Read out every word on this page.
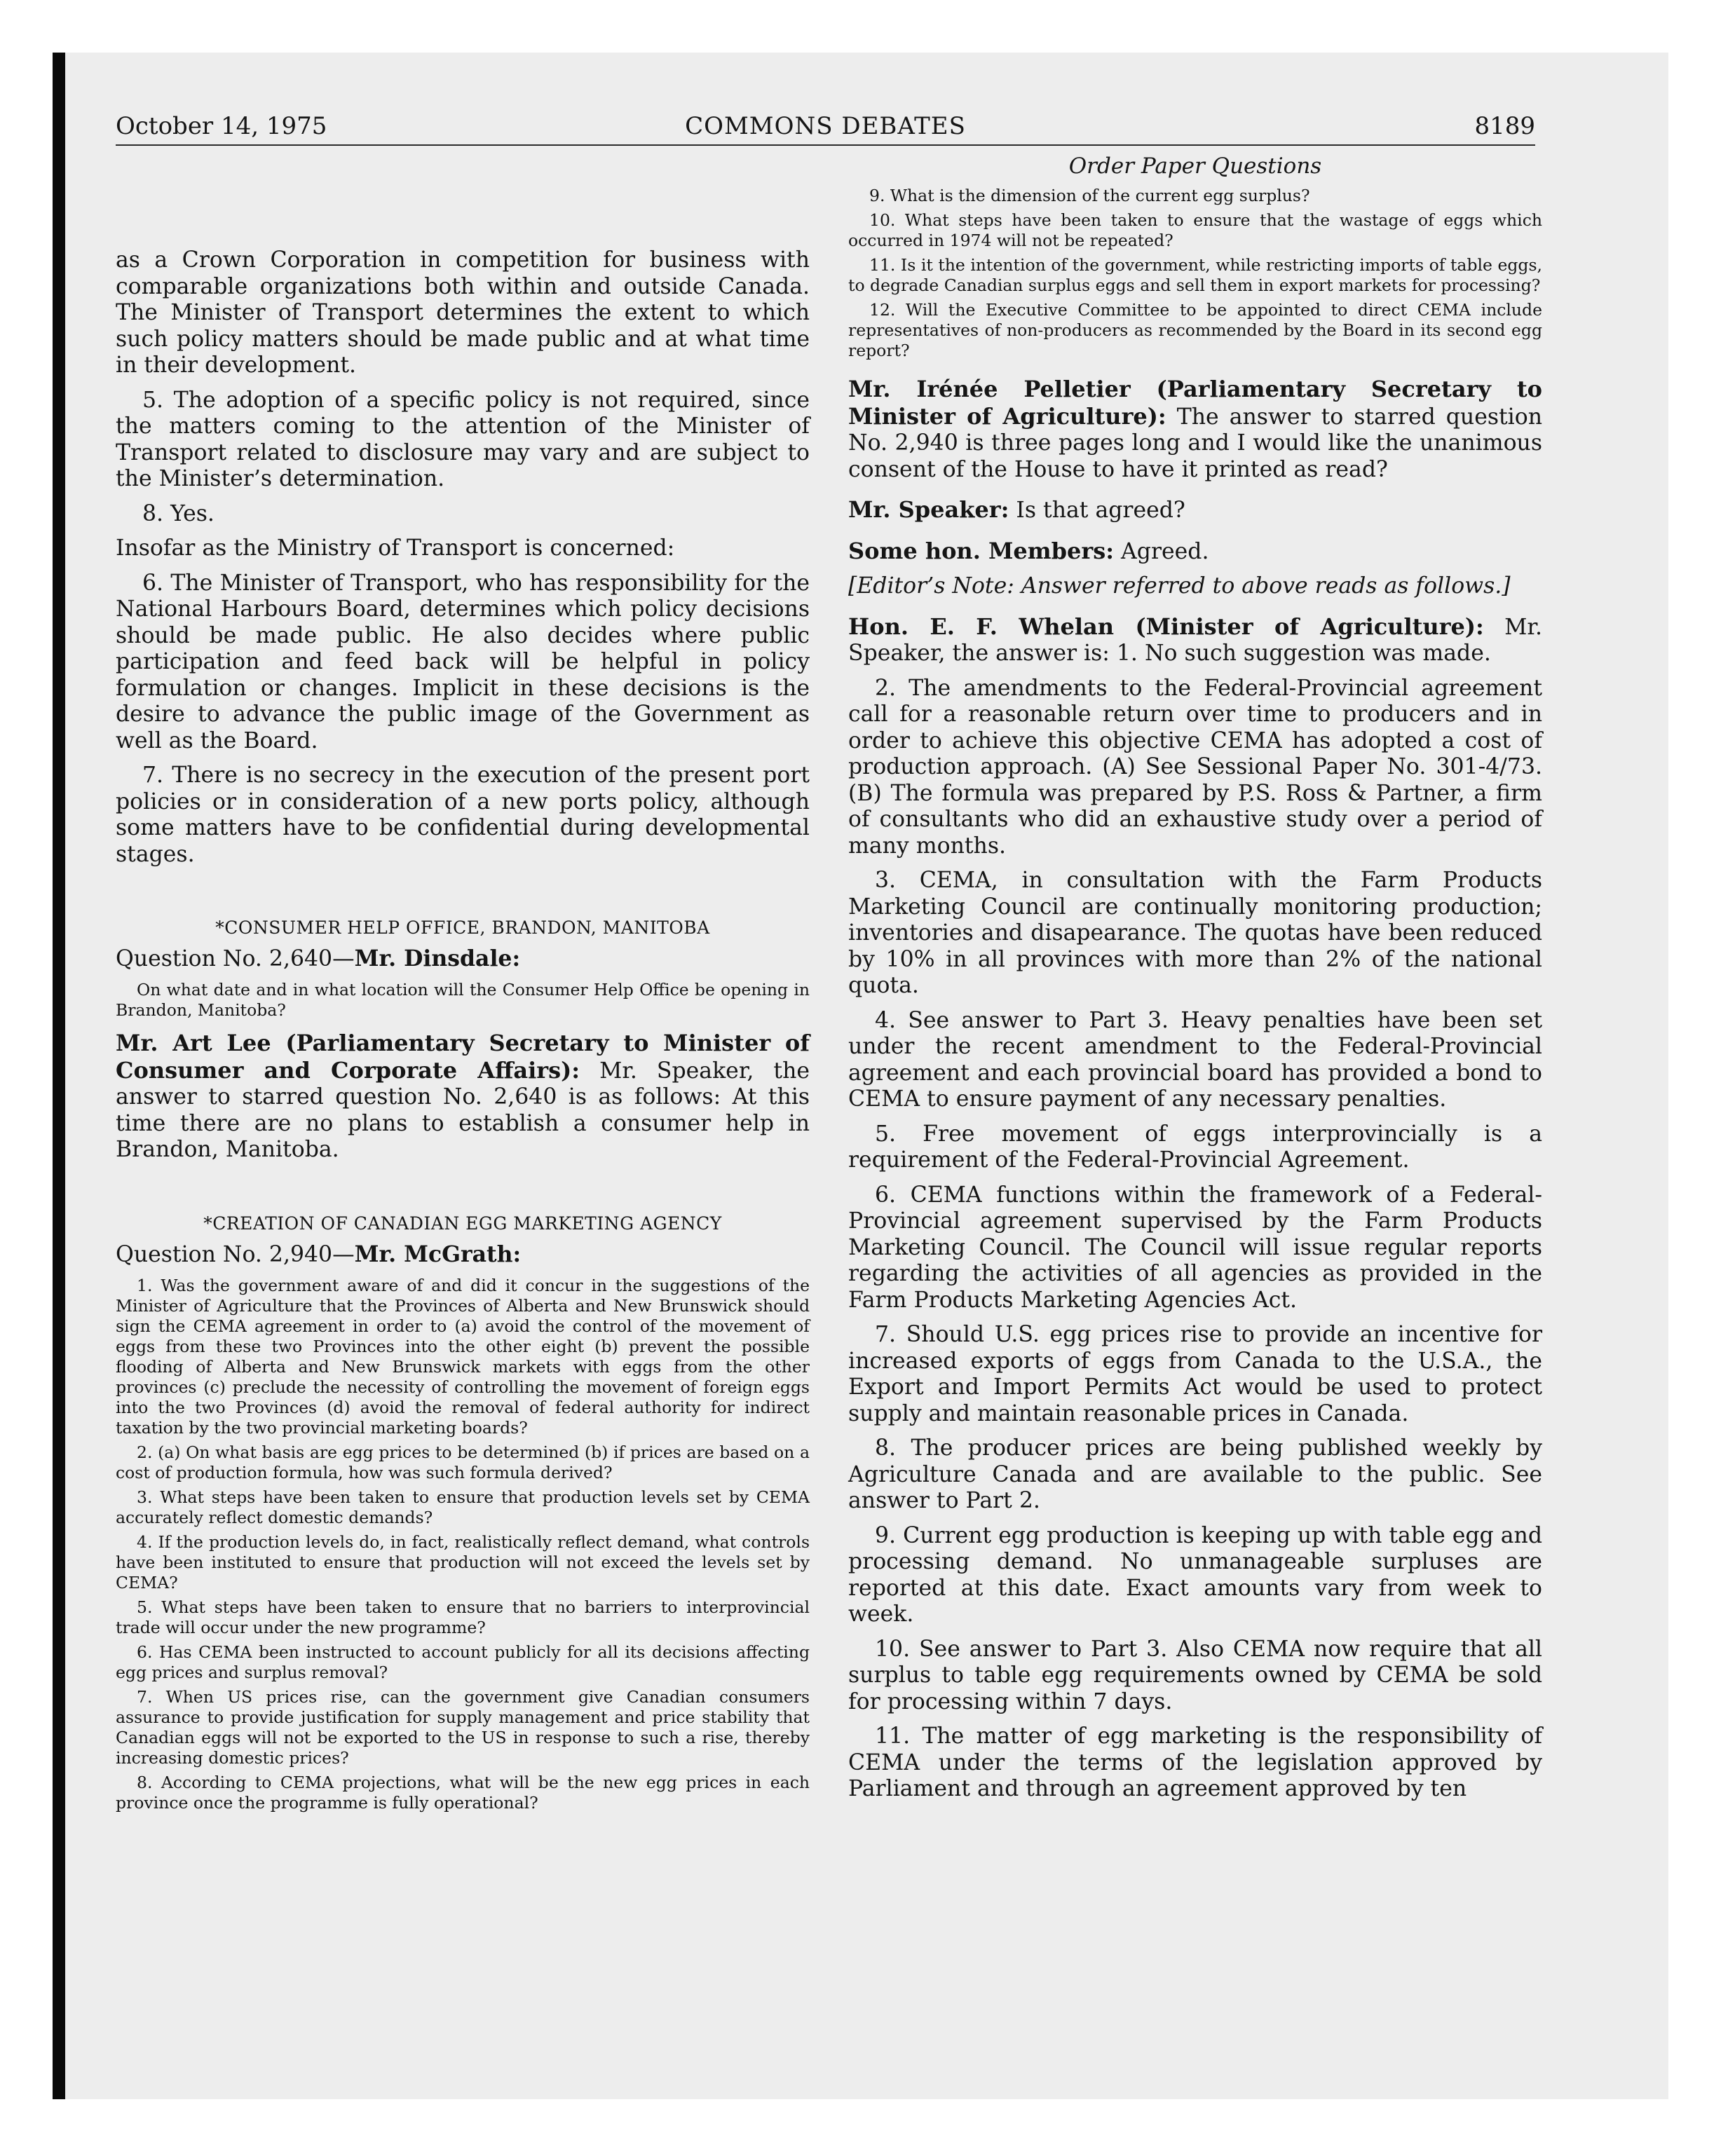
October 14, 1975	COMMONS DEBATES	8189

as a Crown Corporation in competition for business with comparable organizations both within and outside Canada. The Minister of Transport determines the extent to which such policy matters should be made public and at what time in their development.

5. The adoption of a specific policy is not required, since the matters coming to the attention of the Minister of Transport related to disclosure may vary and are subject to the Minister’s determination.

8. Yes.

Insofar as the Ministry of Transport is concerned:

6. The Minister of Transport, who has responsibility for the National Harbours Board, determines which policy decisions should be made public. He also decides where public participation and feed back will be helpful in policy formulation or changes. Implicit in these decisions is the desire to advance the public image of the Government as well as the Board.

7. There is no secrecy in the execution of the present port policies or in consideration of a new ports policy, although some matters have to be confidential during developmental stages.

*CONSUMER HELP OFFICE, BRANDON, MANITOBA
Question No. 2,640—Mr. Dinsdale:

On what date and in what location will the Consumer Help Office be opening in Brandon, Manitoba?

Mr. Art Lee (Parliamentary Secretary to Minister of Consumer and Corporate Affairs): Mr. Speaker, the answer to starred question No. 2,640 is as follows: At this time there are no plans to establish a consumer help in Brandon, Manitoba.

*CREATION OF CANADIAN EGG MARKETING AGENCY
Question No. 2,940—Mr. McGrath:

1. Was the government aware of and did it concur in the suggestions of the Minister of Agriculture that the Provinces of Alberta and New Brunswick should sign the CEMA agreement in order to (a) avoid the control of the movement of eggs from these two Provinces into the other eight (b) prevent the possible flooding of Alberta and New Brunswick markets with eggs from the other provinces (c) preclude the necessity of controlling the movement of foreign eggs into the two Provinces (d) avoid the removal of federal authority for indirect taxation by the two provincial marketing boards?

2. (a) On what basis are egg prices to be determined (b) if prices are based on a cost of production formula, how was such formula derived?

3. What steps have been taken to ensure that production levels set by CEMA accurately reflect domestic demands?

4. If the production levels do, in fact, realistically reflect demand, what controls have been instituted to ensure that production will not exceed the levels set by CEMA?

5. What steps have been taken to ensure that no barriers to interprovincial trade will occur under the new programme?

6. Has CEMA been instructed to account publicly for all its decisions affecting egg prices and surplus removal?

7. When US prices rise, can the government give Canadian consumers assurance to provide justification for supply management and price stability that Canadian eggs will not be exported to the US in response to such a rise, thereby increasing domestic prices?

8. According to CEMA projections, what will be the new egg prices in each province once the programme is fully operational?

Order Paper Questions

9. What is the dimension of the current egg surplus?

10. What steps have been taken to ensure that the wastage of eggs which occurred in 1974 will not be repeated?

11. Is it the intention of the government, while restricting imports of table eggs, to degrade Canadian surplus eggs and sell them in export markets for processing?

12. Will the Executive Committee to be appointed to direct CEMA include representatives of non-producers as recommended by the Board in its second egg report?

Mr. Irénée Pelletier (Parliamentary Secretary to Minister of Agriculture): The answer to starred question No. 2,940 is three pages long and I would like the unanimous consent of the House to have it printed as read?

Mr. Speaker: Is that agreed?

Some hon. Members: Agreed.

[Editor’s Note: Answer referred to above reads as follows.]

Hon. E. F. Whelan (Minister of Agriculture): Mr. Speaker, the answer is: 1. No such suggestion was made.

2. The amendments to the Federal-Provincial agreement call for a reasonable return over time to producers and in order to achieve this objective CEMA has adopted a cost of production approach. (A) See Sessional Paper No. 301-4/73. (B) The formula was prepared by P.S. Ross & Partner, a firm of consultants who did an exhaustive study over a period of many months.

3. CEMA, in consultation with the Farm Products Marketing Council are continually monitoring production; inventories and disapearance. The quotas have been reduced by 10% in all provinces with more than 2% of the national quota.

4. See answer to Part 3. Heavy penalties have been set under the recent amendment to the Federal-Provincial agreement and each provincial board has provided a bond to CEMA to ensure payment of any necessary penalties.

5. Free movement of eggs interprovincially is a requirement of the Federal-Provincial Agreement.

6. CEMA functions within the framework of a Federal-Provincial agreement supervised by the Farm Products Marketing Council. The Council will issue regular reports regarding the activities of all agencies as provided in the Farm Products Marketing Agencies Act.

7. Should U.S. egg prices rise to provide an incentive for increased exports of eggs from Canada to the U.S.A., the Export and Import Permits Act would be used to protect supply and maintain reasonable prices in Canada.

8. The producer prices are being published weekly by Agriculture Canada and are available to the public. See answer to Part 2.

9. Current egg production is keeping up with table egg and processing demand. No unmanageable surpluses are reported at this date. Exact amounts vary from week to week.

10. See answer to Part 3. Also CEMA now require that all surplus to table egg requirements owned by CEMA be sold for processing within 7 days.

11. The matter of egg marketing is the responsibility of CEMA under the terms of the legislation approved by Parliament and through an agreement approved by ten
